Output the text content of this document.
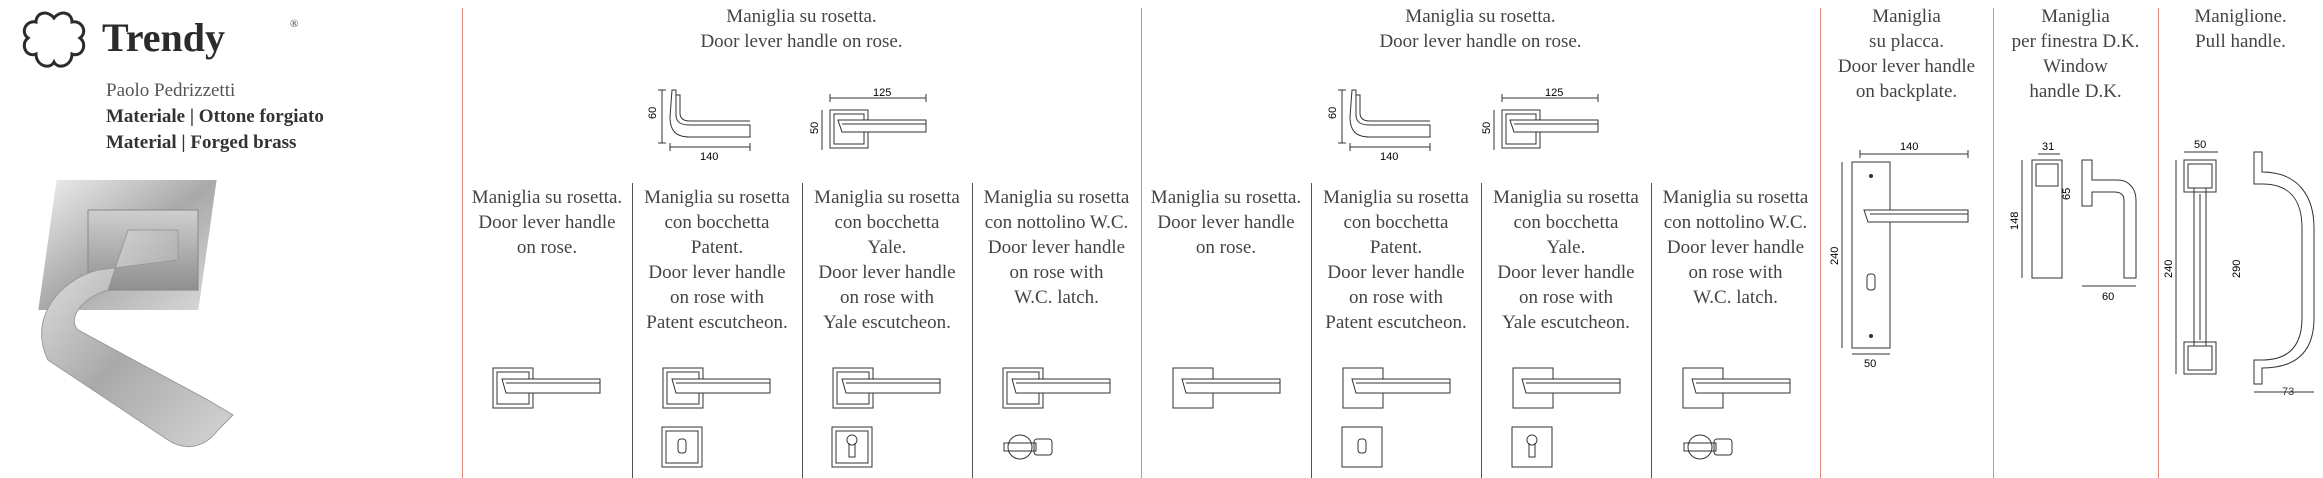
Trendy	®
Paolo Pedrizzetti
Materiale | Ottone forgiato
Material | Forged brass
Maniglia su rosetta.
Door lever handle on rose.
60
140
125
50
Maniglia su rosetta.
Door lever handle
on rose.
Maniglia su rosetta
con bocchetta
Patent.
Door lever handle
on rose with
Patent escutcheon.
Maniglia su rosetta
con bocchetta
Yale.
Door lever handle
on rose with
Yale escutcheon.
Maniglia su rosetta
con nottolino W.C.
Door lever handle
on rose with
W.C. latch.
Maniglia su rosetta.
Door lever handle on rose.
60
140
125
50
Maniglia su rosetta.
Door lever handle
on rose.
Maniglia su rosetta
con bocchetta
Patent.
Door lever handle
on rose with
Patent escutcheon.
Maniglia su rosetta
con bocchetta
Yale.
Door lever handle
on rose with
Yale escutcheon.
Maniglia su rosetta
con nottolino W.C.
Door lever handle
on rose with
W.C. latch.
Maniglia
su placca.
Door lever handle
on backplate.
140
240
50
Maniglia
per finestra D.K.
Window
handle D.K.
31
148
65
60
Maniglione.
Pull handle.
50
240	290
73
